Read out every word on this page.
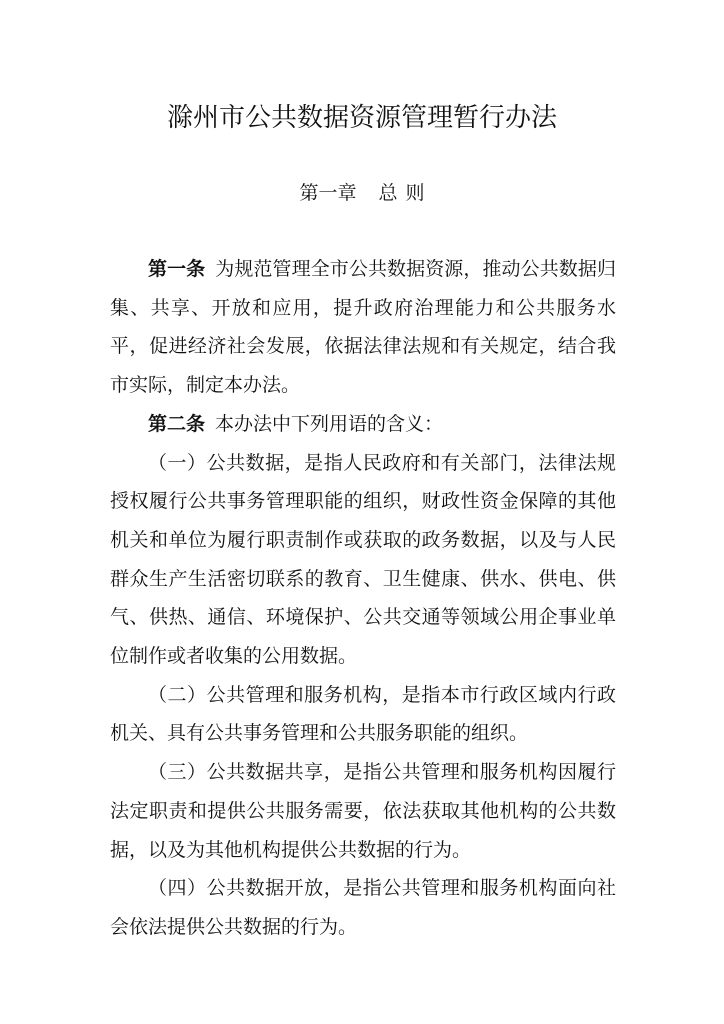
滁州市公共数据资源管理暂行办法
第一章 总 则

第一条 为规范管理全市公共数据资源，推动公共数据归集、共享、开放和应用，提升政府治理能力和公共服务水平，促进经济社会发展，依据法律法规和有关规定，结合我市实际，制定本办法。

第二条 本办法中下列用语的含义：

（一）公共数据，是指人民政府和有关部门，法律法规授权履行公共事务管理职能的组织，财政性资金保障的其他机关和单位为履行职责制作或获取的政务数据，以及与人民群众生产生活密切联系的教育、卫生健康、供水、供电、供气、供热、通信、环境保护、公共交通等领域公用企事业单位制作或者收集的公用数据。

（二）公共管理和服务机构，是指本市行政区域内行政机关、具有公共事务管理和公共服务职能的组织。

（三）公共数据共享，是指公共管理和服务机构因履行法定职责和提供公共服务需要，依法获取其他机构的公共数据，以及为其他机构提供公共数据的行为。

（四）公共数据开放，是指公共管理和服务机构面向社会依法提供公共数据的行为。
